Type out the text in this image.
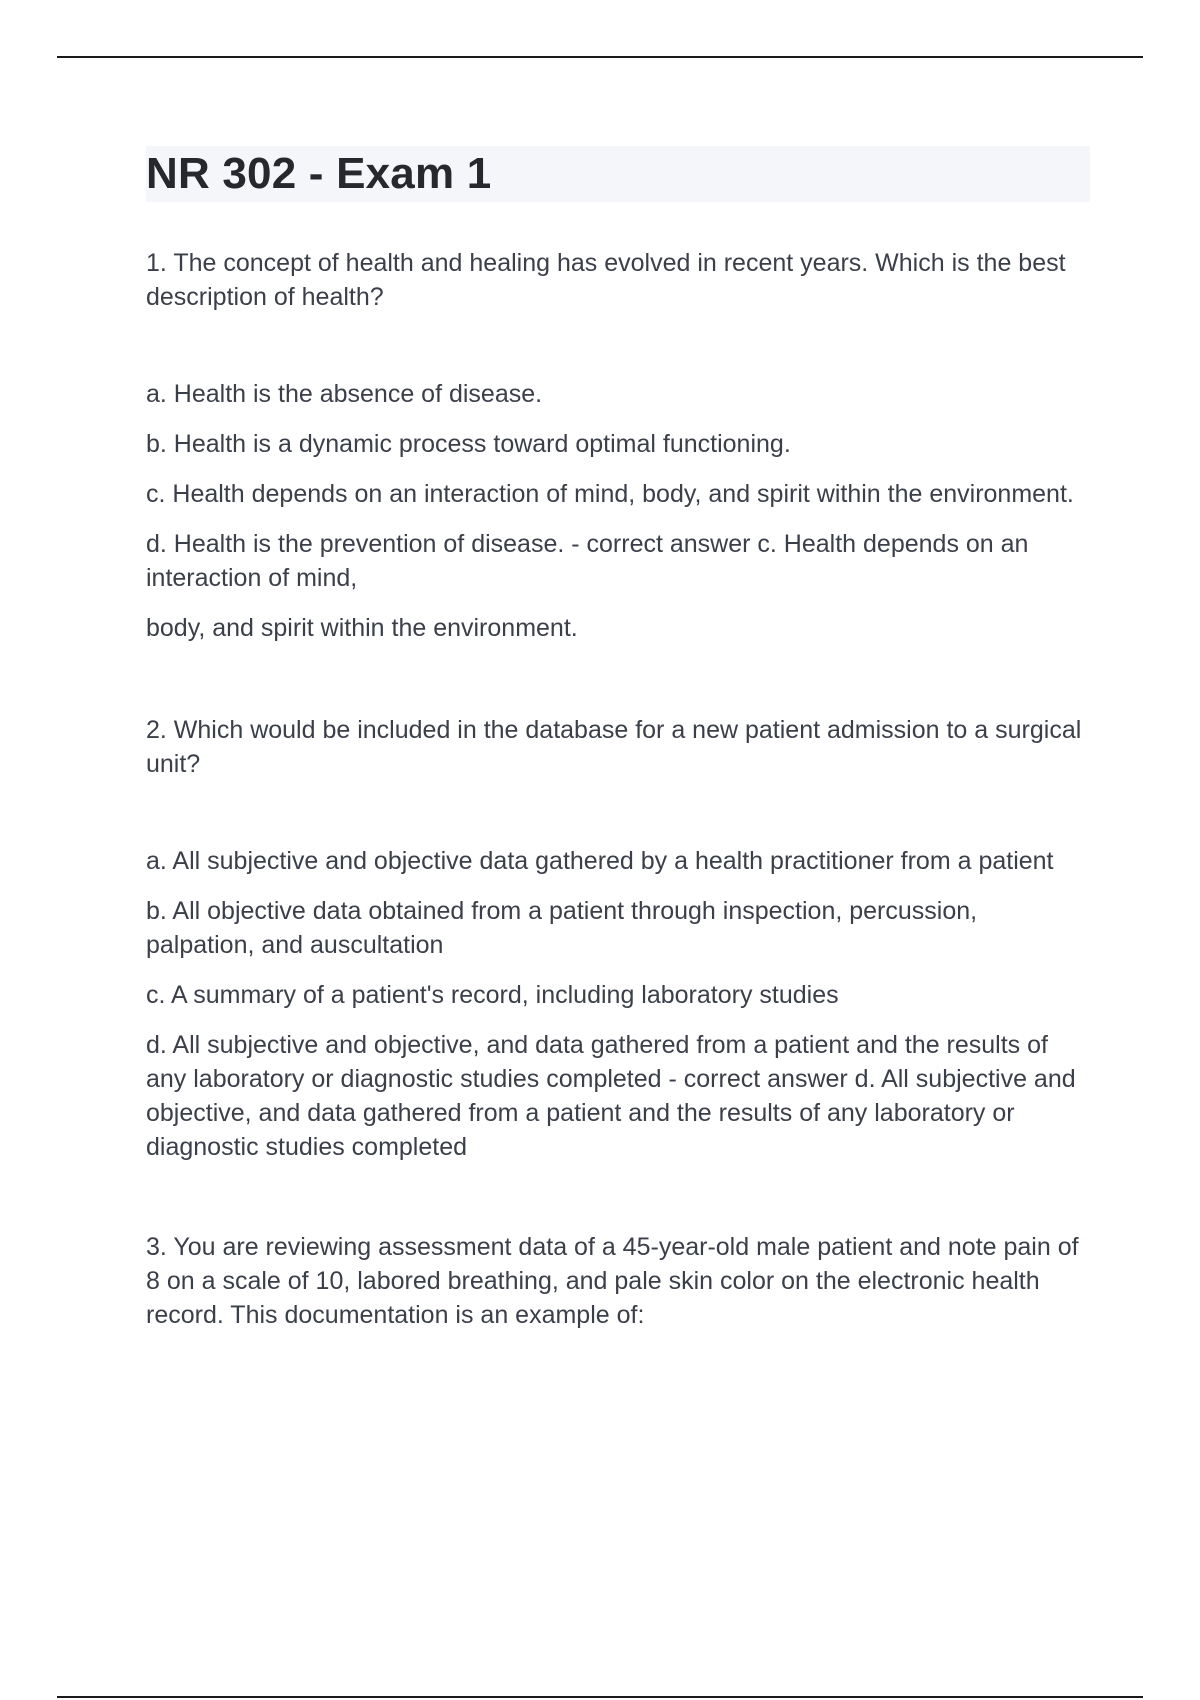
NR 302 - Exam 1

1. The concept of health and healing has evolved in recent years. Which is the best description of health?

a. Health is the absence of disease.

b. Health is a dynamic process toward optimal functioning.

c. Health depends on an interaction of mind, body, and spirit within the environment.

d. Health is the prevention of disease. - correct answer c. Health depends on an interaction of mind,

body, and spirit within the environment.

2. Which would be included in the database for a new patient admission to a surgical unit?

a. All subjective and objective data gathered by a health practitioner from a patient

b. All objective data obtained from a patient through inspection, percussion, palpation, and auscultation

c. A summary of a patient's record, including laboratory studies

d. All subjective and objective, and data gathered from a patient and the results of any laboratory or diagnostic studies completed - correct answer d. All subjective and objective, and data gathered from a patient and the results of any laboratory or diagnostic studies completed

3. You are reviewing assessment data of a 45-year-old male patient and note pain of 8 on a scale of 10, labored breathing, and pale skin color on the electronic health record. This documentation is an example of:
